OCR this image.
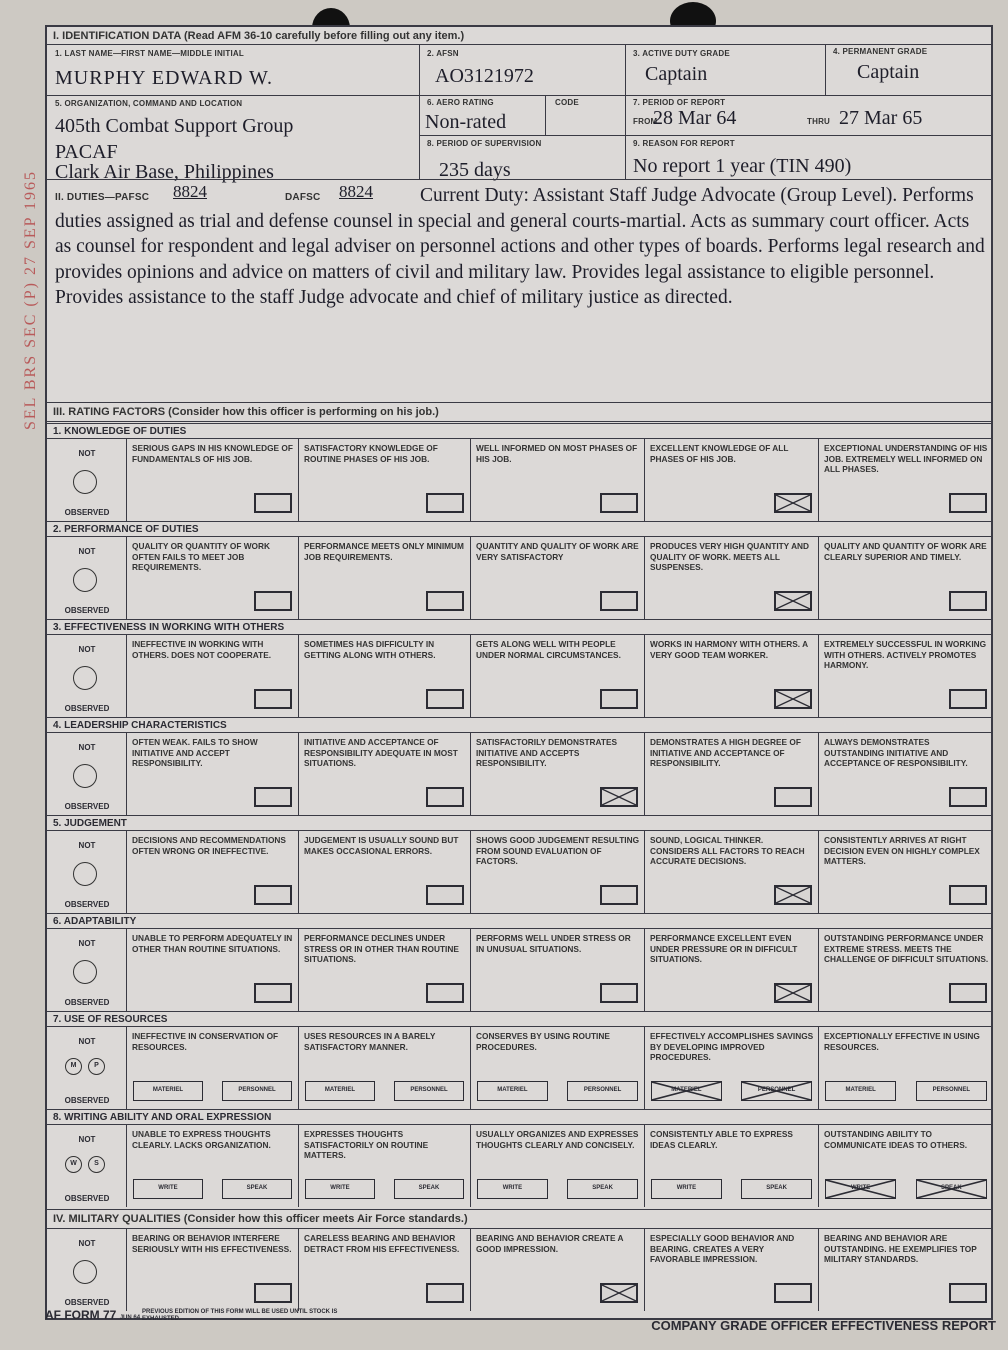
SEL BRS SEC (P) 27 SEP 1965
I. IDENTIFICATION DATA (Read AFM 36-10 carefully before filling out any item.)
1. LAST NAME—FIRST NAME—MIDDLE INITIAL
MURPHY EDWARD W.
2. AFSN
AO3121972
3. ACTIVE DUTY GRADE
Captain
4. PERMANENT GRADE
Captain
5. ORGANIZATION, COMMAND AND LOCATION
405th Combat Support Group
PACAF
Clark Air Base, Philippines
6. AERO RATING	CODE
Non-rated
8. PERIOD OF SUPERVISION
235 days
7. PERIOD OF REPORT
FROM
28 Mar 64	THRU 27 Mar 65
9. REASON FOR REPORT
No report 1 year (TIN 490)
II. DUTIES—PAFSC 8824	DAFSC 8824	Current Duty: Assistant Staff Judge Advocate (Group Level). Performs duties assigned as trial and defense counsel in special and general courts-martial. Acts as summary court officer. Acts as counsel for respondent and legal adviser on personnel actions and other types of boards. Performs legal research and provides opinions and advice on matters of civil and military law. Provides legal assistance to eligible personnel. Provides assistance to the staff Judge advocate and chief of military justice as directed.
III. RATING FACTORS (Consider how this officer is performing on his job.)
1. KNOWLEDGE OF DUTIES
NOT
OBSERVED
SERIOUS GAPS IN HIS KNOWLEDGE OF FUNDAMENTALS OF HIS JOB.
SATISFACTORY KNOWLEDGE OF ROUTINE PHASES OF HIS JOB.
WELL INFORMED ON MOST PHASES OF HIS JOB.
EXCELLENT KNOWLEDGE OF ALL PHASES OF HIS JOB.
EXCEPTIONAL UNDERSTANDING OF HIS JOB. EXTREMELY WELL INFORMED ON ALL PHASES.
2. PERFORMANCE OF DUTIES
NOT
OBSERVED
QUALITY OR QUANTITY OF WORK OFTEN FAILS TO MEET JOB REQUIREMENTS.
PERFORMANCE MEETS ONLY MINIMUM JOB REQUIREMENTS.
QUANTITY AND QUALITY OF WORK ARE VERY SATISFACTORY
PRODUCES VERY HIGH QUANTITY AND QUALITY OF WORK. MEETS ALL SUSPENSES.
QUALITY AND QUANTITY OF WORK ARE CLEARLY SUPERIOR AND TIMELY.
3. EFFECTIVENESS IN WORKING WITH OTHERS
NOT
OBSERVED
INEFFECTIVE IN WORKING WITH OTHERS. DOES NOT COOPERATE.
SOMETIMES HAS DIFFICULTY IN GETTING ALONG WITH OTHERS.
GETS ALONG WELL WITH PEOPLE UNDER NORMAL CIRCUMSTANCES.
WORKS IN HARMONY WITH OTHERS. A VERY GOOD TEAM WORKER.
EXTREMELY SUCCESSFUL IN WORKING WITH OTHERS. ACTIVELY PROMOTES HARMONY.
4. LEADERSHIP CHARACTERISTICS
NOT
OBSERVED
OFTEN WEAK. FAILS TO SHOW INITIATIVE AND ACCEPT RESPONSIBILITY.
INITIATIVE AND ACCEPTANCE OF RESPONSIBILITY ADEQUATE IN MOST SITUATIONS.
SATISFACTORILY DEMONSTRATES INITIATIVE AND ACCEPTS RESPONSIBILITY.
DEMONSTRATES A HIGH DEGREE OF INITIATIVE AND ACCEPTANCE OF RESPONSIBILITY.
ALWAYS DEMONSTRATES OUTSTANDING INITIATIVE AND ACCEPTANCE OF RESPONSIBILITY.
5. JUDGEMENT
NOT
OBSERVED
DECISIONS AND RECOMMENDATIONS OFTEN WRONG OR INEFFECTIVE.
JUDGEMENT IS USUALLY SOUND BUT MAKES OCCASIONAL ERRORS.
SHOWS GOOD JUDGEMENT RESULTING FROM SOUND EVALUATION OF FACTORS.
SOUND, LOGICAL THINKER. CONSIDERS ALL FACTORS TO REACH ACCURATE DECISIONS.
CONSISTENTLY ARRIVES AT RIGHT DECISION EVEN ON HIGHLY COMPLEX MATTERS.
6. ADAPTABILITY
NOT
OBSERVED
UNABLE TO PERFORM ADEQUATELY IN OTHER THAN ROUTINE SITUATIONS.
PERFORMANCE DECLINES UNDER STRESS OR IN OTHER THAN ROUTINE SITUATIONS.
PERFORMS WELL UNDER STRESS OR IN UNUSUAL SITUATIONS.
PERFORMANCE EXCELLENT EVEN UNDER PRESSURE OR IN DIFFICULT SITUATIONS.
OUTSTANDING PERFORMANCE UNDER EXTREME STRESS. MEETS THE CHALLENGE OF DIFFICULT SITUATIONS.
7. USE OF RESOURCES
NOT
OBSERVED
M	P
INEFFECTIVE IN CONSERVATION OF RESOURCES.
MATERIEL	PERSONNEL
USES RESOURCES IN A BARELY SATISFACTORY MANNER.
MATERIEL	PERSONNEL
CONSERVES BY USING ROUTINE PROCEDURES.
MATERIEL	PERSONNEL
EFFECTIVELY ACCOMPLISHES SAVINGS BY DEVELOPING IMPROVED PROCEDURES.
MATERIEL	PERSONNEL
EXCEPTIONALLY EFFECTIVE IN USING RESOURCES.
MATERIEL	PERSONNEL
8. WRITING ABILITY AND ORAL EXPRESSION
NOT
OBSERVED
W	S
UNABLE TO EXPRESS THOUGHTS CLEARLY. LACKS ORGANIZATION.
WRITE	SPEAK
EXPRESSES THOUGHTS SATISFACTORILY ON ROUTINE MATTERS.
WRITE	SPEAK
USUALLY ORGANIZES AND EXPRESSES THOUGHTS CLEARLY AND CONCISELY.
WRITE	SPEAK
CONSISTENTLY ABLE TO EXPRESS IDEAS CLEARLY.
WRITE	SPEAK
OUTSTANDING ABILITY TO COMMUNICATE IDEAS TO OTHERS.
WRITE	SPEAK
IV. MILITARY QUALITIES (Consider how this officer meets Air Force standards.)
NOT
OBSERVED
BEARING OR BEHAVIOR INTERFERE SERIOUSLY WITH HIS EFFECTIVENESS.
CARELESS BEARING AND BEHAVIOR DETRACT FROM HIS EFFECTIVENESS.
BEARING AND BEHAVIOR CREATE A GOOD IMPRESSION.
ESPECIALLY GOOD BEHAVIOR AND BEARING. CREATES A VERY FAVORABLE IMPRESSION.
BEARING AND BEHAVIOR ARE OUTSTANDING. HE EXEMPLIFIES TOP MILITARY STANDARDS.
AF FORM 77 JUN 64
PREVIOUS EDITION OF THIS FORM WILL BE USED UNTIL STOCK IS EXHAUSTED.	COMPANY GRADE OFFICER EFFECTIVENESS REPORT
